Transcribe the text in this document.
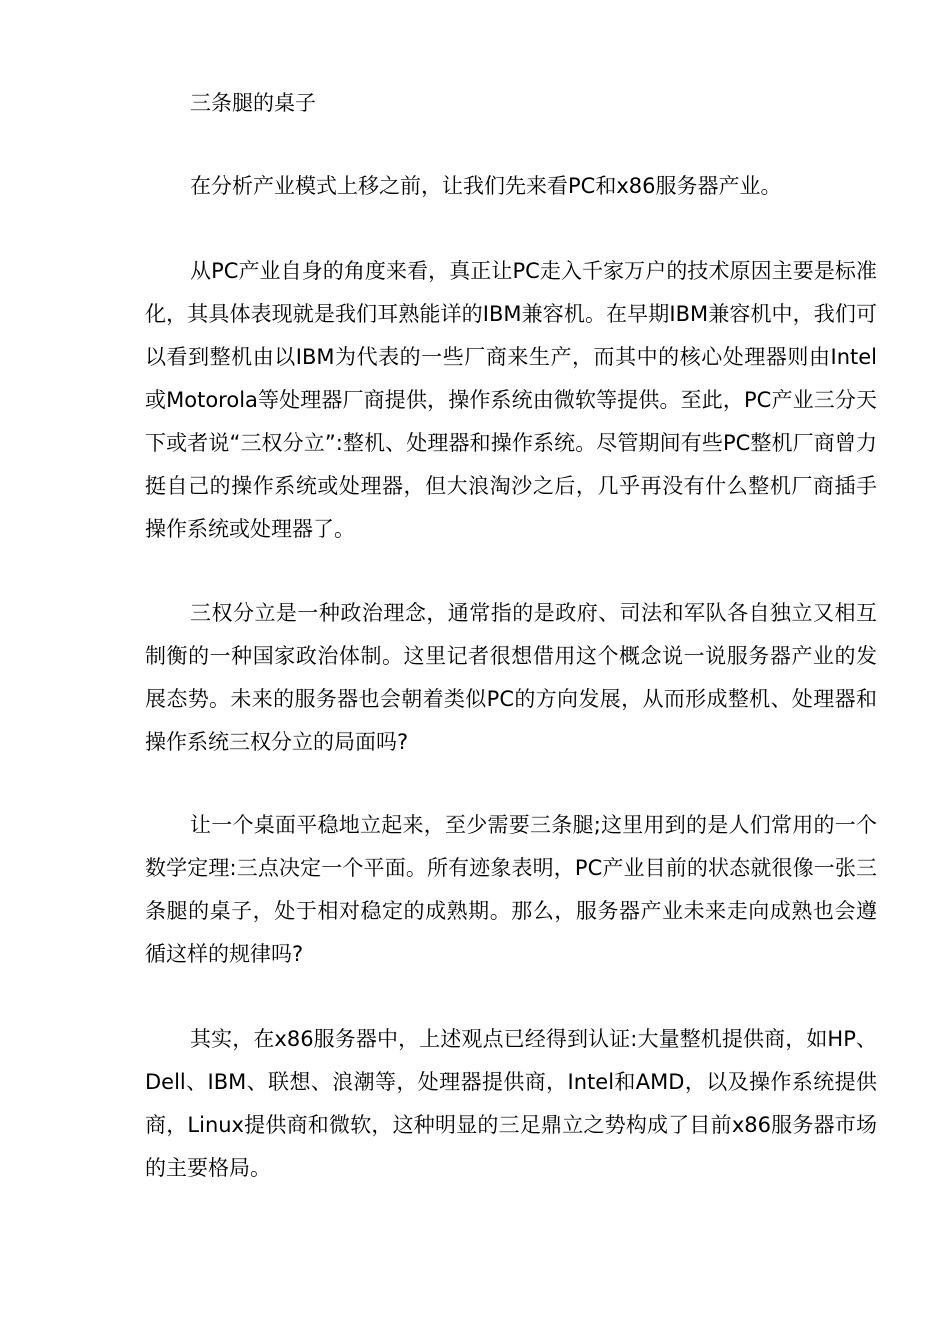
三条腿的桌子

在分析产业模式上移之前，让我们先来看PC和x86服务器产业。

从PC产业自身的角度来看，真正让PC走入千家万户的技术原因主要是标准化，其具体表现就是我们耳熟能详的IBM兼容机。在早期IBM兼容机中，我们可以看到整机由以IBM为代表的一些厂商来生产，而其中的核心处理器则由Intel或Motorola等处理器厂商提供，操作系统由微软等提供。至此，PC产业三分天下或者说“三权分立”:整机、处理器和操作系统。尽管期间有些PC整机厂商曾力挺自己的操作系统或处理器，但大浪淘沙之后，几乎再没有什么整机厂商插手操作系统或处理器了。

三权分立是一种政治理念，通常指的是政府、司法和军队各自独立又相互制衡的一种国家政治体制。这里记者很想借用这个概念说一说服务器产业的发展态势。未来的服务器也会朝着类似PC的方向发展，从而形成整机、处理器和操作系统三权分立的局面吗?

让一个桌面平稳地立起来，至少需要三条腿;这里用到的是人们常用的一个数学定理:三点决定一个平面。所有迹象表明，PC产业目前的状态就很像一张三条腿的桌子，处于相对稳定的成熟期。那么，服务器产业未来走向成熟也会遵循这样的规律吗?

其实，在x86服务器中，上述观点已经得到认证:大量整机提供商，如HP、Dell、IBM、联想、浪潮等，处理器提供商，Intel和AMD，以及操作系统提供商，Linux提供商和微软，这种明显的三足鼎立之势构成了目前x86服务器市场的主要格局。
